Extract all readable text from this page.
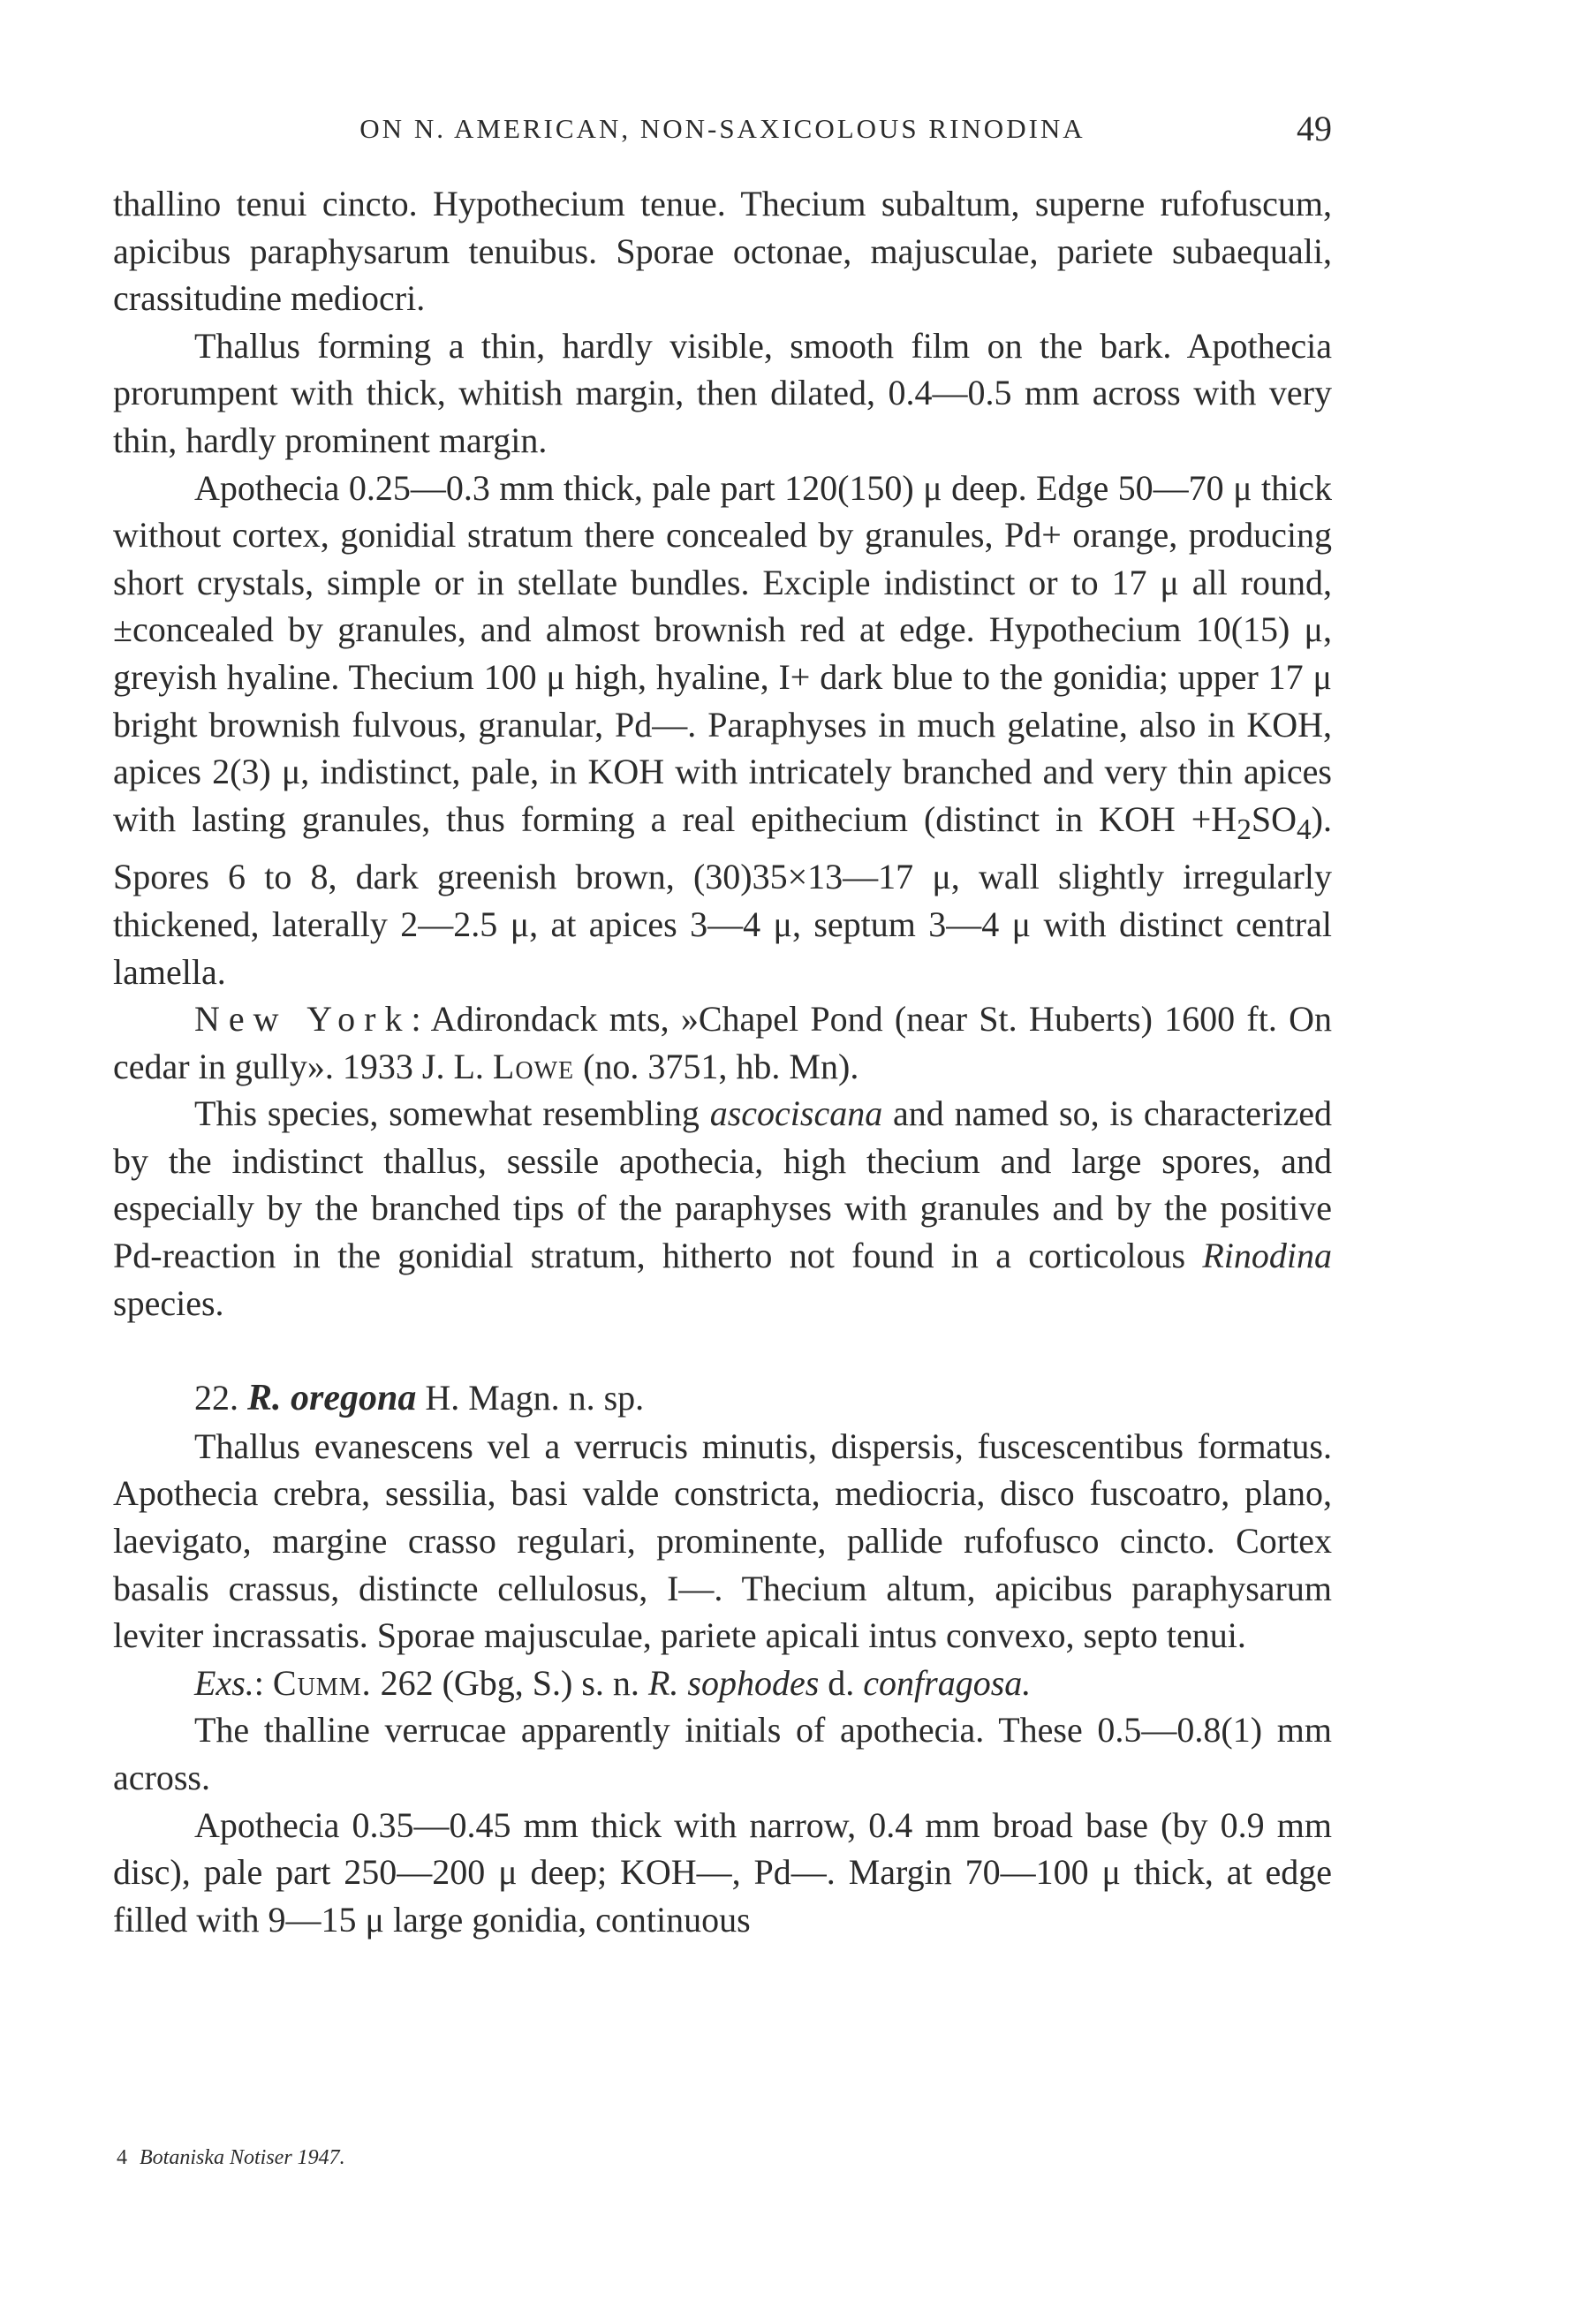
ON N. AMERICAN, NON-SAXICOLOUS RINODINA	49

thallino tenui cincto. Hypothecium tenue. Thecium subaltum, superne rufofuscum, apicibus paraphysarum tenuibus. Sporae octonae, majusculae, pariete subaequali, crassitudine mediocri.

Thallus forming a thin, hardly visible, smooth film on the bark. Apothecia prorumpent with thick, whitish margin, then dilated, 0.4—0.5 mm across with very thin, hardly prominent margin.

Apothecia 0.25—0.3 mm thick, pale part 120(150) μ deep. Edge 50—70 μ thick without cortex, gonidial stratum there concealed by granules, Pd+ orange, producing short crystals, simple or in stellate bundles. Exciple indistinct or to 17 μ all round, ±concealed by granules, and almost brownish red at edge. Hypothecium 10(15) μ, greyish hyaline. Thecium 100 μ high, hyaline, I+ dark blue to the gonidia; upper 17 μ bright brownish fulvous, granular, Pd—. Paraphyses in much gelatine, also in KOH, apices 2(3) μ, indistinct, pale, in KOH with intricately branched and very thin apices with lasting granules, thus forming a real epithecium (distinct in KOH $+H_2SO_4$). Spores 6 to 8, dark greenish brown, (30)35×13—17 μ, wall slightly irregularly thickened, laterally 2—2.5 μ, at apices 3—4 μ, septum 3—4 μ with distinct central lamella.

New York: Adirondack mts, »Chapel Pond (near St. Huberts) 1600 ft. On cedar in gully». 1933 J. L. Lowe (no. 3751, hb. Mn).

This species, somewhat resembling ascociscana and named so, is characterized by the indistinct thallus, sessile apothecia, high thecium and large spores, and especially by the branched tips of the paraphyses with granules and by the positive Pd-reaction in the gonidial stratum, hitherto not found in a corticolous Rinodina species.

22. R. oregona H. Magn. n. sp.

Thallus evanescens vel a verrucis minutis, dispersis, fuscescentibus formatus. Apothecia crebra, sessilia, basi valde constricta, mediocria, disco fuscoatro, plano, laevigato, margine crasso regulari, prominente, pallide rufofusco cincto. Cortex basalis crassus, distincte cellulosus, I—. Thecium altum, apicibus paraphysarum leviter incrassatis. Sporae majusculae, pariete apicali intus convexo, septo tenui.

Exs.: Cumm. 262 (Gbg, S.) s. n. R. sophodes d. confragosa.

The thalline verrucae apparently initials of apothecia. These 0.5—0.8(1) mm across.

Apothecia 0.35—0.45 mm thick with narrow, 0.4 mm broad base (by 0.9 mm disc), pale part 250—200 μ deep; KOH—, Pd—. Margin 70—100 μ thick, at edge filled with 9—15 μ large gonidia, continuous

4 Botaniska Notiser 1947.
